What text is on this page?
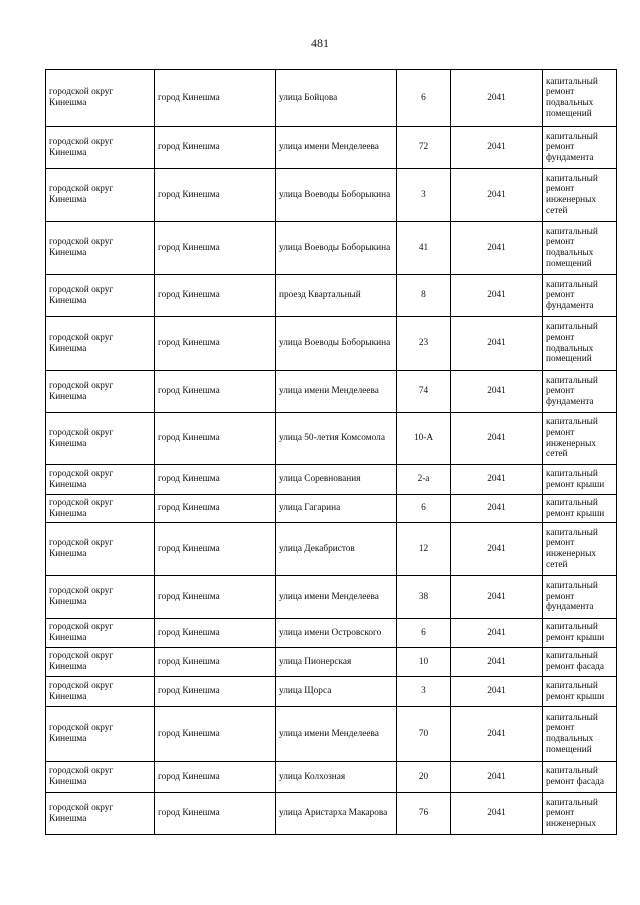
481
городской округ Кинешма	город Кинешма	улица Бойцова	6	2041	капитальный ремонт подвальных помещений
городской округ Кинешма	город Кинешма	улица имени Менделеева	72	2041	капитальный ремонт фундамента
городской округ Кинешма	город Кинешма	улица Воеводы Боборыкина	3	2041	капитальный ремонт инженерных сетей
городской округ Кинешма	город Кинешма	улица Воеводы Боборыкина	41	2041	капитальный ремонт подвальных помещений
городской округ Кинешма	город Кинешма	проезд Квартальный	8	2041	капитальный ремонт фундамента
городской округ Кинешма	город Кинешма	улица Воеводы Боборыкина	23	2041	капитальный ремонт подвальных помещений
городской округ Кинешма	город Кинешма	улица имени Менделеева	74	2041	капитальный ремонт фундамента
городской округ Кинешма	город Кинешма	улица 50-летия Комсомола	10-А	2041	капитальный ремонт инженерных сетей
городской округ Кинешма	город Кинешма	улица Соревнования	2-а	2041	капитальный ремонт крыши
городской округ Кинешма	город Кинешма	улица Гагарина	6	2041	капитальный ремонт крыши
городской округ Кинешма	город Кинешма	улица Декабристов	12	2041	капитальный ремонт инженерных сетей
городской округ Кинешма	город Кинешма	улица имени Менделеева	38	2041	капитальный ремонт фундамента
городской округ Кинешма	город Кинешма	улица имени Островского	6	2041	капитальный ремонт крыши
городской округ Кинешма	город Кинешма	улица Пионерская	10	2041	капитальный ремонт фасада
городской округ Кинешма	город Кинешма	улица Щорса	3	2041	капитальный ремонт крыши
городской округ Кинешма	город Кинешма	улица имени Менделеева	70	2041	капитальный ремонт подвальных помещений
городской округ Кинешма	город Кинешма	улица Колхозная	20	2041	капитальный ремонт фасада
городской округ Кинешма	город Кинешма	улица Аристарха Макарова	76	2041	капитальный ремонт инженерных
